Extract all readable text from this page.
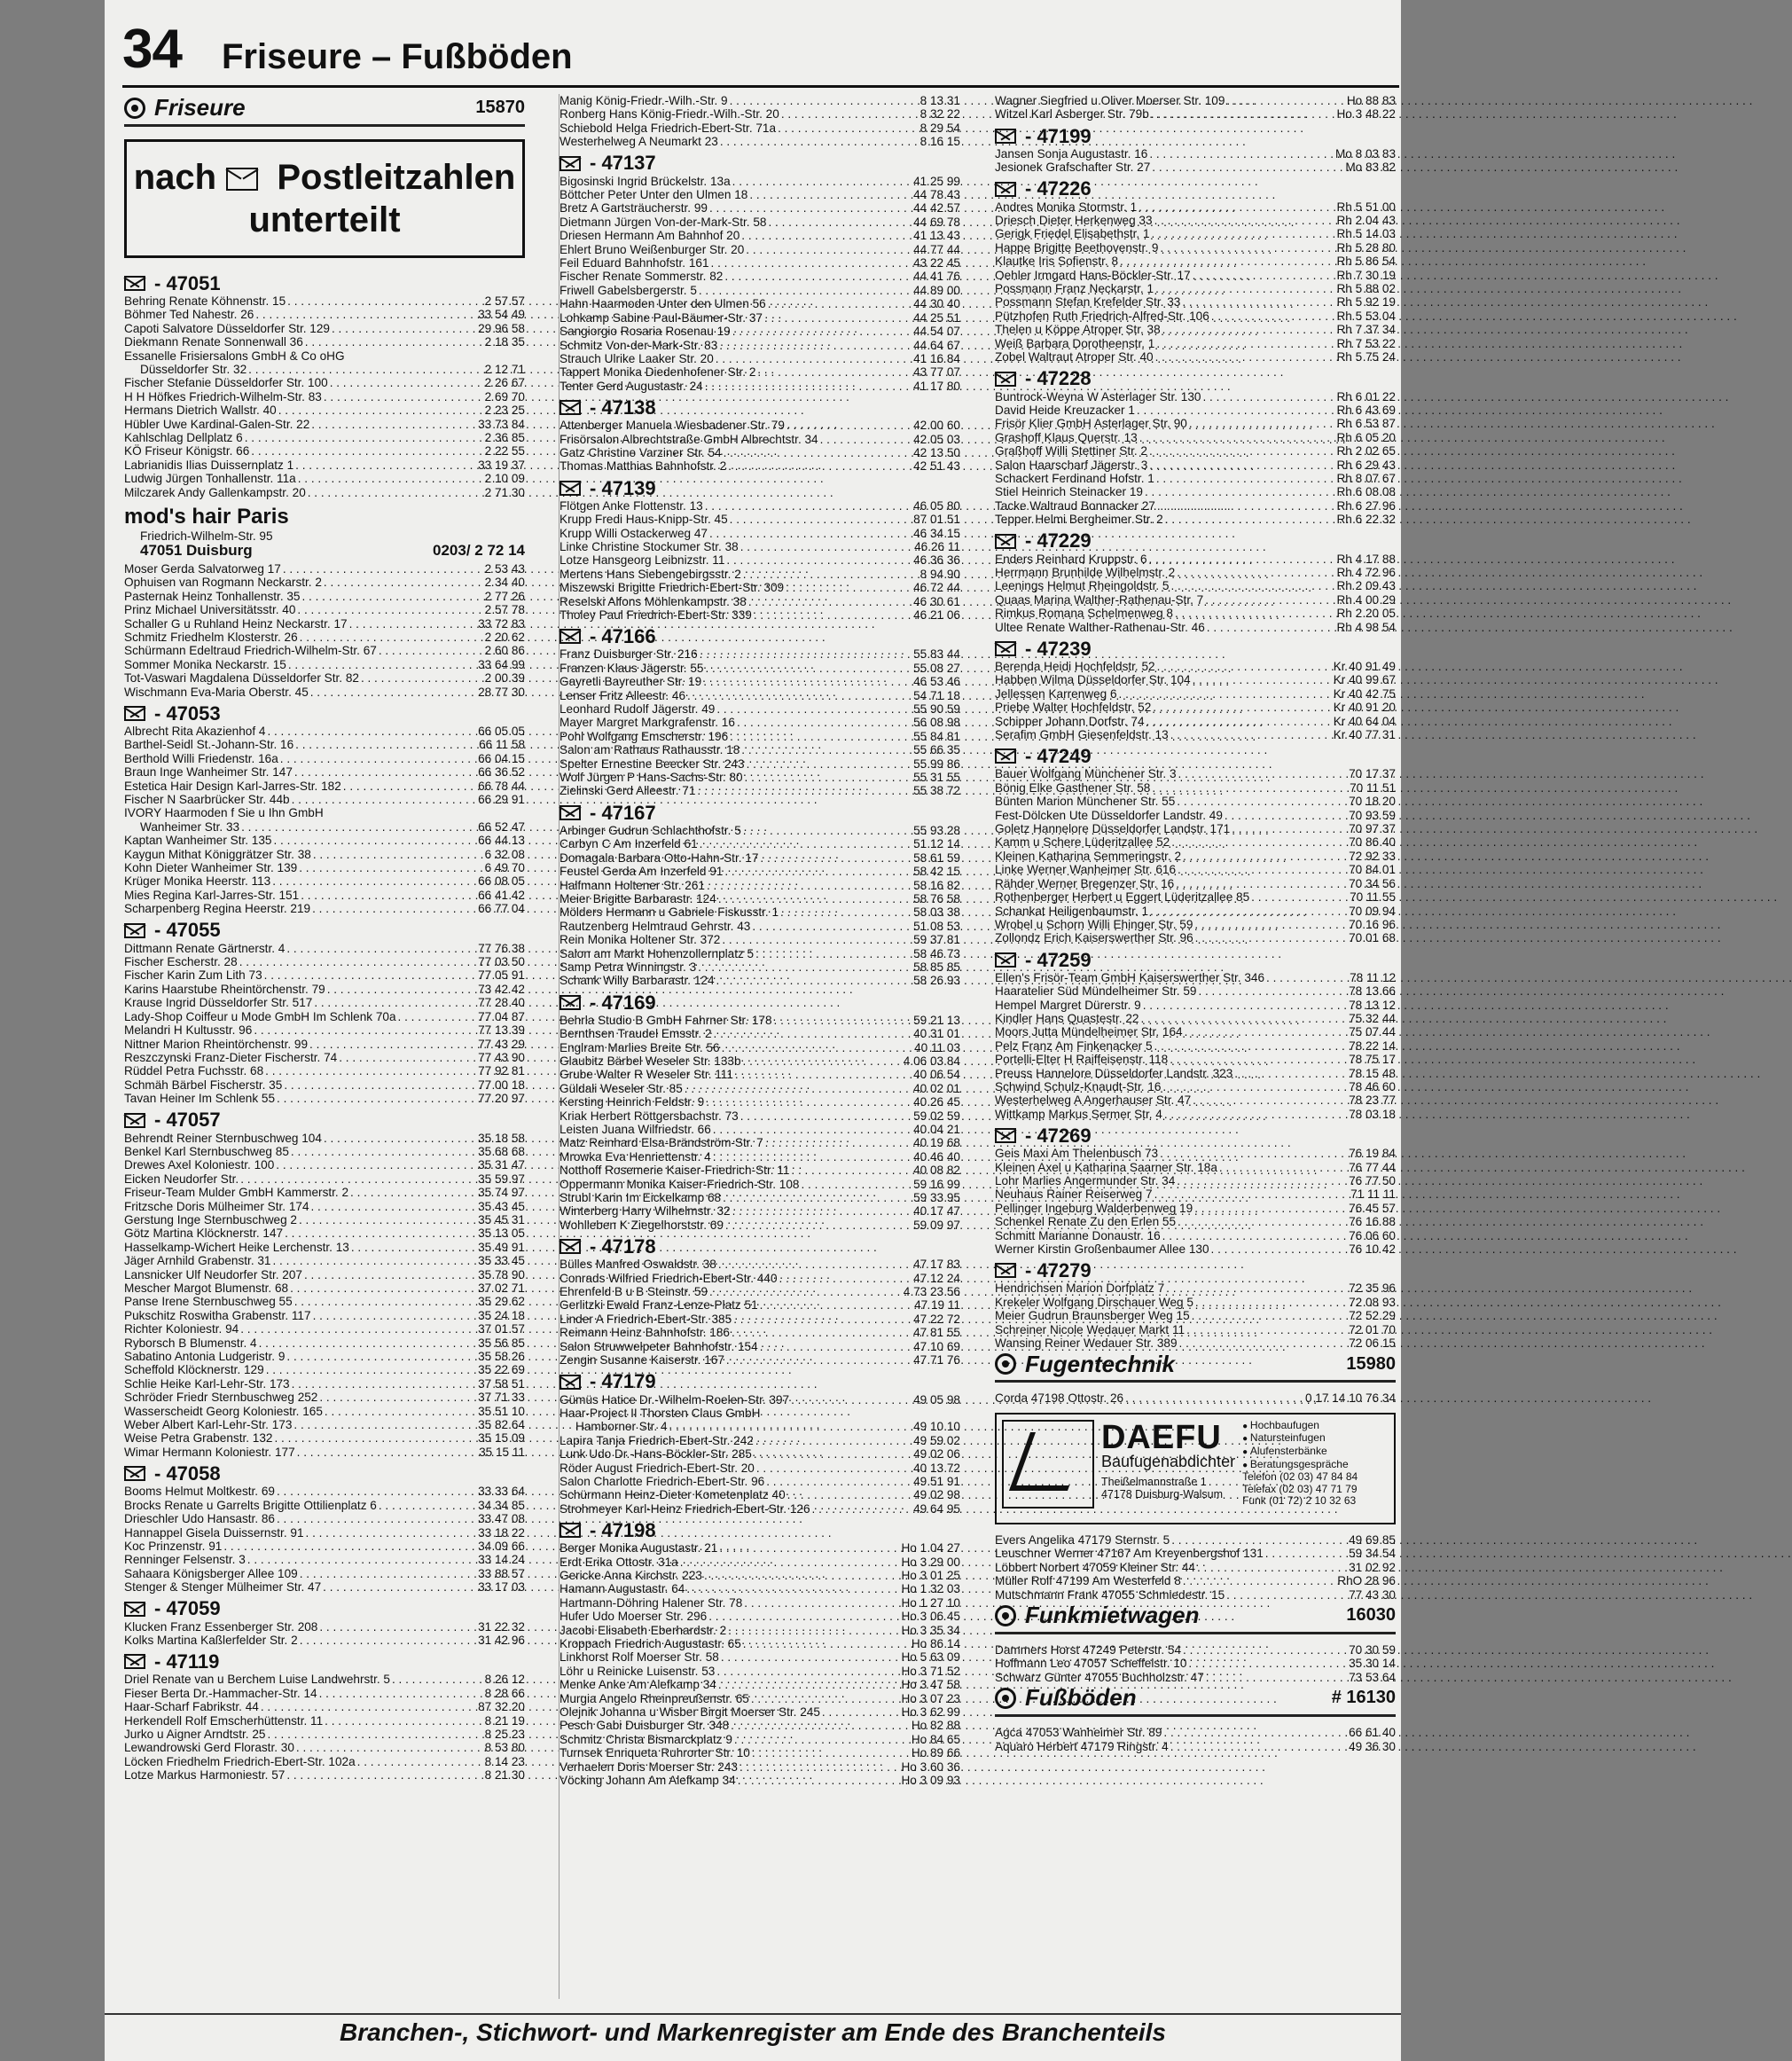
34 Friseure – Fußböden
Friseure	15870
nach Postleitzahlen
unterteilt
- 47051
Behring Renate Köhnenstr. 15 . . .	2 57 57
Böhmer Ted Nahestr. 26 . . .	33 54 49
Capoti Salvatore Düsseldorfer Str. 129 . . .	29 96 58
Diekmann Renate Sonnenwall 36 . . .	2 18 35
Essanelle Frisiersalons GmbH & Co oHG
Düsseldorfer Str. 32 . . .	2 12 71
Fischer Stefanie Düsseldorfer Str. 100 . . .	2 26 67
H H Höfkes Friedrich-Wilhelm-Str. 83 . . .	2 69 70
Hermans Dietrich Wallstr. 40 . . .	2 23 25
Hübler Uwe Kardinal-Galen-Str. 22 . . .	33 73 84
Kahlschlag Dellplatz 6 . . .	2 36 85
KÖ Friseur Königstr. 66 . . .	2 22 55
Labrianidis Ilias Duissernplatz 1 . . .	33 19 37
Ludwig Jürgen Tonhallenstr. 11a . . .	2 10 09
Milczarek Andy Gallenkampstr. 20 . . .	2 71 30
mod's hair Paris
Friedrich-Wilhelm-Str. 95
47051 Duisburg	0203/ 2 72 14
Moser Gerda Salvatorweg 17 . . .	2 53 43
Ophuisen van Rogmann Neckarstr. 2 . . .	2 34 40
Pasternak Heinz Tonhallenstr. 35 . . .	2 77 26
Prinz Michael Universitätsstr. 40 . . .	2 57 78
Schaller G u Ruhland Heinz Neckarstr. 17 . . .	33 72 83
Schmitz Friedhelm Klosterstr. 26 . . .	2 20 62
Schürmann Edeltraud Friedrich-Wilhelm-Str. 67 . . .	2 60 86
Sommer Monika Neckarstr. 15 . . .	33 64 99
Tot-Vaswari Magdalena Düsseldorfer Str. 82 . . .	2 00 39
Wischmann Eva-Maria Oberstr. 45 . . .	28 77 30
- 47053
Albrecht Rita Akazienhof 4 . . .	66 05 05
Barthel-Seidl St.-Johann-Str. 16 . . .	66 11 58
Berthold Willi Friedenstr. 16a . . .	66 04 15
Braun Inge Wanheimer Str. 147 . . .	66 36 52
Estetica Hair Design Karl-Jarres-Str. 182 . . .	66 78 44
Fischer N Saarbrücker Str. 44b . . .	66 29 91
IVORY Haarmoden f Sie u Ihn GmbH
Wanheimer Str. 33 . . .	66 52 47
Kaptan Wanheimer Str. 135 . . .	66 44 13
Kaygun Mithat Königgrätzer Str. 38 . . .	6 32 08
Kohn Dieter Wanheimer Str. 139 . . .	6 49 70
Krüger Monika Heerstr. 113 . . .	66 08 05
Mies Regina Karl-Jarres-Str. 151 . . .	66 41 42
Scharpenberg Regina Heerstr. 219 . . .	66 77 04
- 47055
Dittmann Renate Gärtnerstr. 4 . . .	77 76 38
Fischer Escherstr. 28 . . .	77 03 50
Fischer Karin Zum Lith 73 . . .	77 05 91
Karins Haarstube Rheintörchenstr. 79 . . .	73 42 42
Krause Ingrid Düsseldorfer Str. 517 . . .	77 28 40
Lady-Shop Coiffeur u Mode GmbH Im Schlenk 70a . . .	77 04 87
Melandri H Kultusstr. 96 . . .	77 13 39
Nittner Marion Rheintörchenstr. 99 . . .	77 43 29
Reszczynski Franz-Dieter Fischerstr. 74 . . .	77 43 90
Rüddel Petra Fuchsstr. 68 . . .	77 92 81
Schmäh Bärbel Fischerstr. 35 . . .	77 00 18
Tavan Heiner Im Schlenk 55 . . .	77 20 97
- 47057
Behrendt Reiner Sternbuschweg 104 . . .	35 18 58
Benkel Karl Sternbuschweg 85 . . .	35 68 68
Drewes Axel Koloniestr. 100 . . .	35 31 47
Eicken Neudorfer Str. . . .	35 59 97
Friseur-Team Mulder GmbH Kammerstr. 2 . . .	35 74 97
Fritzsche Doris Mülheimer Str. 174 . . .	35 43 45
Gerstung Inge Sternbuschweg 2 . . .	35 45 31
Götz Martina Klöcknerstr. 147 . . .	35 13 05
Hasselkamp-Wichert Heike Lerchenstr. 13 . . .	35 49 91
Jäger Arnhild Grabenstr. 31 . . .	35 33 45
Lansnicker Ulf Neudorfer Str. 207 . . .	35 78 90
Mescher Margot Blumenstr. 68 . . .	37 02 71
Panse Irene Sternbuschweg 55 . . .	35 29 62
Pukschitz Roswitha Grabenstr. 117 . . .	35 24 18
Richter Koloniestr. 94 . . .	37 01 57
Ryborsch B Blumenstr. 4 . . .	35 56 85
Sabatino Antonia Ludgeristr. 9 . . .	35 58 26
Scheffold Klöcknerstr. 129 . . .	35 22 69
Schlie Heike Karl-Lehr-Str. 173 . . .	37 58 51
Schröder Friedr Sternbuschweg 252 . . .	37 71 33
Wasserscheidt Georg Koloniestr. 165 . . .	35 51 10
Weber Albert Karl-Lehr-Str. 173 . . .	35 82 64
Weise Petra Grabenstr. 132 . . .	35 15 09
Wimar Hermann Koloniestr. 177 . . .	35 15 11
- 47058
Booms Helmut Moltkestr. 69 . . .	33 33 64
Brocks Renate u Garrelts Brigitte Ottilienplatz 6 . . .	34 34 85
Drieschler Udo Hansastr. 86 . . .	33 47 08
Hannappel Gisela Duissernstr. 91 . . .	33 18 22
Koc Prinzenstr. 91 . . .	34 09 66
Renninger Felsenstr. 3 . . .	33 14 24
Sahaara Königsberger Allee 109 . . .	33 88 57
Stenger & Stenger Mülheimer Str. 47 . . .	33 17 03
- 47059
Klucken Franz Essenberger Str. 208 . . .	31 22 32
Kolks Martina Kaßlerfelder Str. 2 . . .	31 42 96
- 47119
Driel Renate van u Berchem Luise Landwehrstr. 5 . . .	8 26 12
Fieser Berta Dr.-Hammacher-Str. 14 . . .	8 28 66
Haar-Scharf Fabrikstr. 44 . . .	87 32 20
Herkendell Rolf Emscherhüttenstr. 11 . . .	8 21 19
Jurko u Aigner Arndtstr. 25 . . .	8 25 23
Lewandrowski Gerd Florastr. 30 . . .	8 53 80
Löcken Friedhelm Friedrich-Ebert-Str. 102a . . .	8 14 23
Lotze Markus Harmoniestr. 57 . . .	8 21 30
Manig König-Friedr.-Wilh.-Str. 9 . . .	8 13 31
Ronberg Hans König-Friedr.-Wilh.-Str. 20 . . .	8 32 22
Schiebold Helga Friedrich-Ebert-Str. 71a . . .	8 29 54
Westerhelweg A Neumarkt 23 . . .	8 16 15
- 47137
Bigosinski Ingrid Brückelstr. 13a . . .	41 25 99
Böttcher Peter Unter den Ulmen 18 . . .	44 78 43
Bretz A Gartsträucherstr. 99 . . .	44 42 57
Dietmann Jürgen Von-der-Mark-Str. 58 . . .	44 69 78
Driesen Hermann Am Bahnhof 20 . . .	41 13 43
Ehlert Bruno Weißenburger Str. 20 . . .	44 77 44
Feil Eduard Bahnhofstr. 161 . . .	43 22 45
Fischer Renate Sommerstr. 82 . . .	44 41 76
Friwell Gabelsbergerstr. 5 . . .	44 89 00
Hahn Haarmoden Unter den Ulmen 56 . . .	44 30 40
Lohkamp Sabine Paul-Bäumer-Str. 37 . . .	44 25 51
Sangiorgio Rosaria Rosenau 19 . . .	44 54 07
Schmitz Von-der-Mark-Str. 83 . . .	44 64 67
Strauch Ulrike Laaker Str. 20 . . .	41 16 84
Tappert Monika Diedenhofener Str. 2 . . .	43 77 07
Tenter Gerd Augustastr. 24 . . .	41 17 80
- 47138
Attenberger Manuela Wiesbadener Str. 79 . . .	42 00 60
Frisörsalon Albrechtstraße GmbH Albrechtstr. 34 . . .	42 05 03
Gatz Christine Varziner Str. 54 . . .	42 13 50
Thomas Matthias Bahnhofstr. 2 . . .	42 51 43
- 47139
Flötgen Anke Flottenstr. 13 . . .	46 05 80
Krupp Fredi Haus-Knipp-Str. 45 . . .	87 01 51
Krupp Willi Ostackerweg 47 . . .	46 34 15
Linke Christine Stockumer Str. 38 . . .	46 26 11
Lotze Hansgeorg Leibnizstr. 11 . . .	46 36 36
Mertens Hans Siebengebirgsstr. 2 . . .	8 94 90
Miszewski Brigitte Friedrich-Ebert-Str. 309 . . .	46 72 44
Reselski Alfons Möhlenkampstr. 38 . . .	46 30 61
Tholey Paul Friedrich-Ebert-Str. 339 . . .	46 21 06
- 47166
Franz Duisburger Str. 216 . . .	55 83 44
Franzen Klaus Jägerstr. 55 . . .	55 08 27
Gayretli Bayreuther Str. 19 . . .	46 53 46
Lenser Fritz Alleestr. 46 . . .	54 71 18
Leonhard Rudolf Jägerstr. 49 . . .	55 90 59
Mayer Margret Markgrafenstr. 16 . . .	56 08 98
Pohl Wolfgang Emscherstr. 196 . . .	55 84 81
Salon am Rathaus Rathausstr. 18 . . .	55 66 35
Spelter Ernestine Beecker Str. 243 . . .	55 99 86
Wolf Jürgen P Hans-Sachs-Str. 80 . . .	55 31 55
Zielinski Gerd Alleestr. 71 . . .	55 38 72
- 47167
Arbinger Gudrun Schlachthofstr. 5 . . .	55 93 28
Carbyn C Am Inzerfeld 61 . . .	51 12 14
Domagala Barbara Otto-Hahn-Str. 17 . . .	58 61 59
Feustel Gerda Am Inzerfeld 91 . . .	58 42 15
Halfmann Holtener Str. 261 . . .	58 16 82
Meier Brigitte Barbarastr. 124 . . .	58 76 58
Mölders Hermann u Gabriele Fiskusstr. 1 . . .	58 03 38
Rautzenberg Helmtraud Gehrstr. 43 . . .	51 08 53
Rein Monika Holtener Str. 372 . . .	59 37 81
Salon am Markt Hohenzollernplatz 5 . . .	58 46 73
Samp Petra Winningstr. 3 . . .	58 85 85
Schank Willy Barbarastr. 124 . . .	58 26 93
- 47169
Behrla Studio B GmbH Fahrner Str. 178 . . .	59 21 13
Bernthsen Traudel Emsstr. 2 . . .	40 31 01
Englram Marlies Breite Str. 56 . . .	40 11 03
Glaubitz Bärbel Weseler Str. 133b . . .	4 06 03 84
Grube Walter R Weseler Str. 111 . . .	40 06 54
Güldali Weseler Str. 85 . . .	40 02 01
Kersting Heinrich Feldstr. 9 . . .	40 26 45
Kriak Herbert Röttgersbachstr. 73 . . .	59 02 59
Leisten Juana Wilfriedstr. 66 . . .	40 04 21
Matz Reinhard Elsa-Brändström-Str. 7 . . .	40 19 68
Mrowka Eva Henriettenstr. 4 . . .	40 46 40
Notthoff Rosemerie Kaiser-Friedrich-Str. 11 . . .	40 08 82
Oppermann Monika Kaiser-Friedrich-Str. 108 . . .	59 16 99
Strubl Karin Im Eickelkamp 68 . . .	59 33 95
Winterberg Harry Wilhelmstr. 32 . . .	40 17 47
Wohlleben K Ziegelhorststr. 69 . . .	59 09 97
- 47178
Bülles Manfred Oswaldstr. 38 . . .	47 17 83
Conrads Wilfried Friedrich-Ebert-Str. 440 . . .	47 12 24
Ehrenfeld B u B Steinstr. 59 . . .	4 73 23 56
Gerlitzki Ewald Franz-Lenze-Platz 51 . . .	47 19 11
Linder A Friedrich-Ebert-Str. 385 . . .	47 22 72
Reimann Heinz Bahnhofstr. 186 . . .	47 81 55
Salon Struwwelpeter Bahnhofstr. 154 . . .	47 10 69
Zengin Susanne Kaiserstr. 167 . . .	47 71 76
- 47179
Gümüs Hatice Dr.-Wilhelm-Roelen-Str. 397 . . .	49 05 98
Haar-Project II Thorsten Claus GmbH
Hamborner Str. 4 . . .	49 10 10
Lapira Tanja Friedrich-Ebert-Str. 242 . . .	49 59 02
Lunk Udo Dr.-Hans-Böckler-Str. 285 . . .	49 02 06
Röder August Friedrich-Ebert-Str. 20 . . .	40 13 72
Salon Charlotte Friedrich-Ebert-Str. 96 . . .	49 51 91
Schürmann Heinz-Dieter Kometenplatz 40 . . .	49 02 98
Strohmeyer Karl-Heinz Friedrich-Ebert-Str. 126 . . .	49 64 95
- 47198
Berger Monika Augustastr. 21 . . .	Ho 1 04 27
Erdt Erika Ottostr. 31a . . .	Ho 3 29 00
Gericke Anna Kirchstr. 223 . . .	Ho 3 01 25
Hamann Augustastr. 64 . . .	Ho 1 32 03
Hartmann-Döhring Halener Str. 78 . . .	Ho 1 27 10
Hufer Udo Moerser Str. 296 . . .	Ho 3 06 45
Jacobi Elisabeth Eberhardstr. 2 . . .	Ho 3 35 34
Kroppach Friedrich Augustastr. 65 . . .	Ho 86 14
Linkhorst Rolf Moerser Str. 58 . . .	Ho 5 63 09
Löhr u Reinicke Luisenstr. 53 . . .	Ho 3 71 52
Menke Anke Am Alefkamp 34 . . .	Ho 3 47 58
Murgia Angelo Rheinpreußenstr. 65 . . .	Ho 3 07 23
Olejnik Johanna u Wisber Birgit Moerser Str. 245 . . .	Ho 3 62 99
Pesch Gabi Duisburger Str. 348 . . .	Ho 82 88
Schmitz Christa Bismarckplatz 9 . . .	Ho 84 65
Turnsek Enriqueta Ruhrorter Str. 10 . . .	Ho 89 66
Verhaelen Doris Moerser Str. 243 . . .	Ho 3 60 36
Vöcking Johann Am Alefkamp 34 . . .	Ho 3 09 93
Wagner Siegfried u Oliver Moerser Str. 109 . . .	Ho 88 83
Witzel Karl Asberger Str. 79b . . .	Ho 3 48 22
- 47199
Jansen Sonja Augustastr. 16 . . .	Mo 8 03 83
Jesionek Grafschafter Str. 27 . . .	Mo 83 82
- 47226
Andres Monika Stormstr. 1 . . .	Rh 5 51 00
Driesch Dieter Herkenweg 33 . . .	Rh 2 04 43
Gerigk Friedel Elisabethstr. 1 . . .	Rh 5 14 03
Happe Brigitte Beethovenstr. 9 . . .	Rh 5 28 80
Klautke Iris Sofienstr. 8 . . .	Rh 5 86 54
Oehler Irmgard Hans-Böckler-Str. 17 . . .	Rh 7 30 19
Possmann Franz Neckarstr. 1 . . .	Rh 5 88 02
Possmann Stefan Krefelder Str. 33 . . .	Rh 5 92 19
Pützhofen Ruth Friedrich-Alfred-Str. 106 . . .	Rh 5 53 04
Thelen u Köppe Atroper Str. 38 . . .	Rh 7 37 34
Weiß Barbara Dorotheenstr. 1 . . .	Rh 7 53 22
Zobel Waltraut Atroper Str. 40 . . .	Rh 5 75 24
- 47228
Buntrock-Weyna W Asterlager Str. 130 . . .	Rh 6 01 22
David Heide Kreuzacker 1 . . .	Rh 6 43 69
Frisör Klier GmbH Asterlager Str. 90 . . .	Rh 6 53 87
Grashoff Klaus Querstr. 13 . . .	Rh 6 05 20
Graßhoff Willi Stettiner Str. 2 . . .	Rh 2 02 65
Salon Haarscharf Jägerstr. 3 . . .	Rh 6 29 43
Schackert Ferdinand Hofstr. 1 . . .	Rh 8 07 67
Stiel Heinrich Steinacker 19 . . .	Rh 6 08 08
Tacke Waltraud Bonnacker 27 . . .	Rh 6 27 96
Tepper Helmi Bergheimer Str. 2 . . .	Rh 6 22 32
- 47229
Enders Reinhard Kruppstr. 6 . . .	Rh 4 17 88
Herrmann Brunhilde Wilhelmstr. 2 . . .	Rh 4 72 96
Leenings Helmut Rheingoldstr. 5 . . .	Rh 2 09 43
Quaas Marina Walther-Rathenau-Str. 7 . . .	Rh 4 00 29
Rimkus Romana Schelmenweg 8 . . .	Rh 2 20 05
Ultee Renate Walther-Rathenau-Str. 46 . . .	Rh 4 98 54
- 47239
Berenda Heidi Hochfeldstr. 52 . . .	Kr 40 91 49
Habben Wilma Düsseldorfer Str. 104 . . .	Kr 40 99 67
Jellessen Karrenweg 6 . . .	Kr 40 42 75
Priebe Walter Hochfeldstr. 52 . . .	Kr 40 91 20
Schipper Johann Dorfstr. 74 . . .	Kr 40 64 04
Serafim GmbH Giesenfeldstr. 13 . . .	Kr 40 77 31
- 47249
Bauer Wolfgang Münchener Str. 3 . . .	70 17 37
Bönig Elke Gasthener Str. 58 . . .	70 11 51
Bünten Marion Münchener Str. 55 . . .	70 18 20
Fest-Dölcken Ute Düsseldorfer Landstr. 49 . . .	70 93 59
Goletz Hannelore Düsseldorfer Landstr. 171 . . .	70 97 37
Kamm u Schere Lüderitzallee 52 . . .	70 86 40
Kleinen Katharina Semmeringstr. 2 . . .	72 92 33
Linke Werner Wanheimer Str. 616 . . .	70 84 01
Rähder Werner Bregenzer Str. 16 . . .	70 34 56
Rothenberger Herbert u Eggert Lüderitzallee 85 . . .	70 11 55
Schankat Heiligenbaumstr. 1 . . .	70 09 94
Wrobel u Schorn Willi Ehinger Str. 59 . . .	70 16 96
Zollondz Erich Kaiserswerther Str. 96 . . .	70 01 68
- 47259
Ellen's Frisör-Team GmbH Kaiserswerther Str. 346 . . .	78 11 12
Haaratelier Süd Mündelheimer Str. 59 . . .	78 13 66
Hempel Margret Dürerstr. 9 . . .	78 13 12
Kindler Hans Quastestr. 22 . . .	75 32 44
Moors Jutta Mündelheimer Str. 164 . . .	75 07 44
Pelz Franz Am Finkenacker 5 . . .	78 22 14
Portelli-Elter H Raiffeisenstr. 118 . . .	78 75 17
Preuss Hannelore Düsseldorfer Landstr. 323 . . .	78 15 48
Schwind Schulz-Knaudt-Str. 16 . . .	78 46 60
Westerhelweg A Angerhauser Str. 47 . . .	78 23 77
Wittkamp Markus Sermer Str. 4 . . .	78 03 18
- 47269
Geis Maxi Am Thelenbusch 73 . . .	76 19 84
Kleinen Axel u Katharina Saarner Str. 18a . . .	76 77 44
Lohr Marlies Angermunder Str. 34 . . .	76 77 50
Neuhaus Rainer Reiserweg 7 . . .	71 11 11
Pellinger Ingeburg Walderbenweg 19 . . .	76 45 57
Schenkel Renate Zu den Erlen 55 . . .	76 16 88
Schmitt Marianne Donaustr. 16 . . .	76 06 60
Werner Kirstin Großenbaumer Allee 130 . . .	76 10 42
- 47279
Hendrichsen Marion Dorfplatz 7 . . .	72 35 96
Krekeler Wolfgang Dirschauer Weg 5 . . .	72 08 93
Meier Gudrun Braunsberger Weg 15 . . .	72 52 29
Schreiner Nicole Wedauer Markt 11 . . .	72 01 70
Wansing Reiner Wedauer Str. 389 . . .	72 06 15
Fugentechnik	15980
Corda 47198 Ottostr. 26 . . .	0 17 14 10 76 34
DAEFU
Baufugenabdichter
Theißelmannstraße 1
47178 Duisburg-Walsum
● Hochbaufugen
● Natursteinfugen
● Alufensterbänke
● Beratungsgespräche
Telefon (02 03) 47 84 84
Telefax (02 03) 47 71 79
Funk (01 72) 2 10 32 63
Evers Angelika 47179 Sternstr. 5 . . .	49 69 85
Leuschner Werner 47167 Am Kreyenbergshof 131 . . .	59 34 54
Löbbert Norbert 47059 Kleiner Str. 44 . . .	31 02 92
Müller Rolf 47199 Am Westerfeld 8 . . .	RhO 28 96
Mutschmann Frank 47055 Schmiedestr. 15 . . .	77 43 30
Funkmietwagen	16030
Dammers Horst 47249 Peterstr. 54 . . .	70 30 59
Hoffmann Leo 47057 Scheffelstr. 10 . . .	35 30 14
Schwarz Günter 47055 Buchholzstr. 47 . . .	73 53 64
Fußböden	# 16130
Agca 47053 Wanheimer Str. 89 . . .	66 61 40
Aquaro Herbert 47179 Ringstr. 4 . . .	49 36 30
Branchen-, Stichwort- und Markenregister am Ende des Branchenteils
